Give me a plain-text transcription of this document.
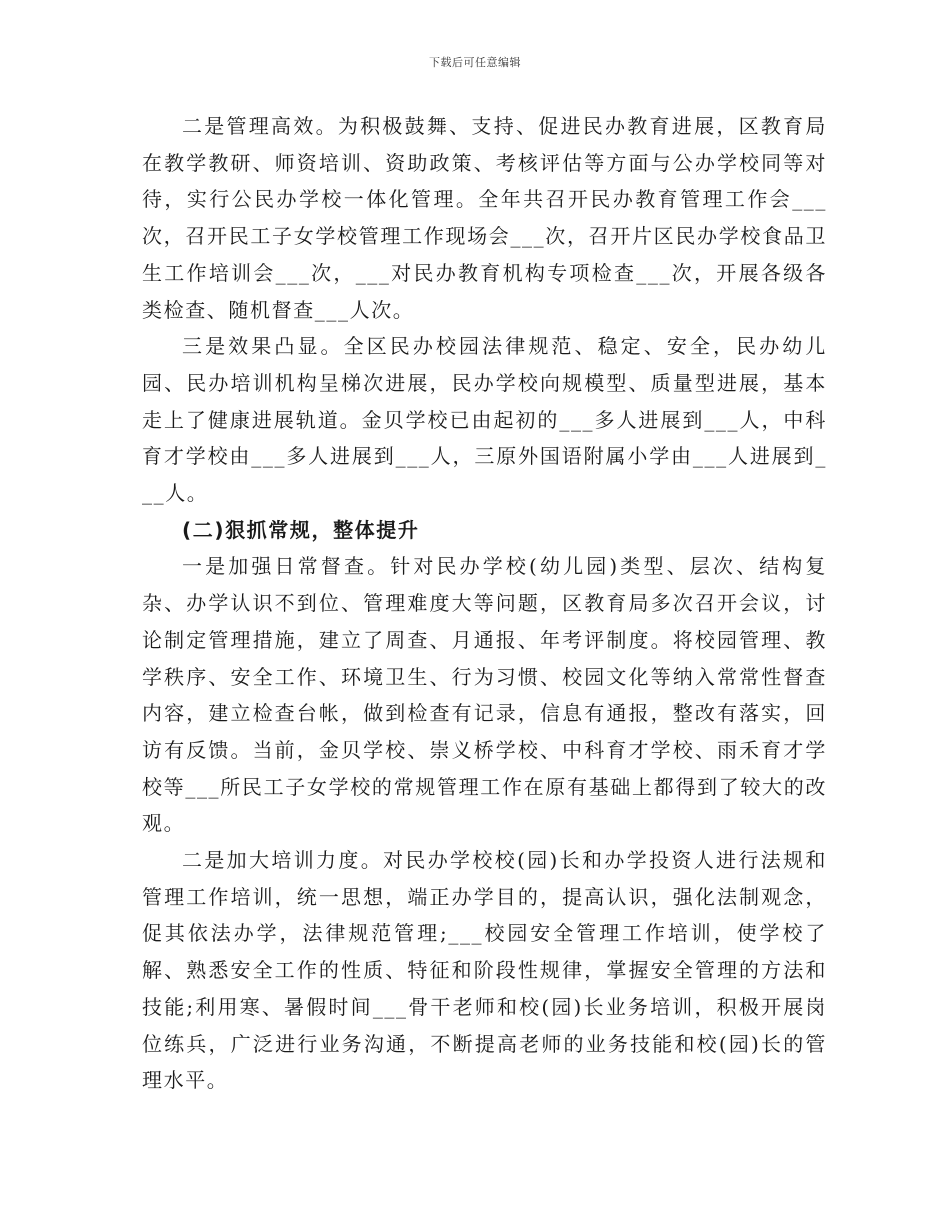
下载后可任意编辑

二是管理高效。为积极鼓舞、支持、促进民办教育进展，区教育局在教学教研、师资培训、资助政策、考核评估等方面与公办学校同等对待，实行公民办学校一体化管理。全年共召开民办教育管理工作会___次，召开民工子女学校管理工作现场会___次，召开片区民办学校食品卫生工作培训会___次，___对民办教育机构专项检查___次，开展各级各类检查、随机督查___人次。

三是效果凸显。全区民办校园法律规范、稳定、安全，民办幼儿园、民办培训机构呈梯次进展，民办学校向规模型、质量型进展，基本走上了健康进展轨道。金贝学校已由起初的___多人进展到___人，中科育才学校由___多人进展到___人，三原外国语附属小学由___人进展到___人。

(二)狠抓常规，整体提升

一是加强日常督查。针对民办学校(幼儿园)类型、层次、结构复杂、办学认识不到位、管理难度大等问题，区教育局多次召开会议，讨论制定管理措施，建立了周查、月通报、年考评制度。将校园管理、教学秩序、安全工作、环境卫生、行为习惯、校园文化等纳入常常性督查内容，建立检查台帐，做到检查有记录，信息有通报，整改有落实，回访有反馈。当前，金贝学校、崇义桥学校、中科育才学校、雨禾育才学校等___所民工子女学校的常规管理工作在原有基础上都得到了较大的改观。

二是加大培训力度。对民办学校校(园)长和办学投资人进行法规和管理工作培训，统一思想，端正办学目的，提高认识，强化法制观念，促其依法办学，法律规范管理;___校园安全管理工作培训，使学校了解、熟悉安全工作的性质、特征和阶段性规律，掌握安全管理的方法和技能;利用寒、暑假时间___骨干老师和校(园)长业务培训，积极开展岗位练兵，广泛进行业务沟通，不断提高老师的业务技能和校(园)长的管理水平。
